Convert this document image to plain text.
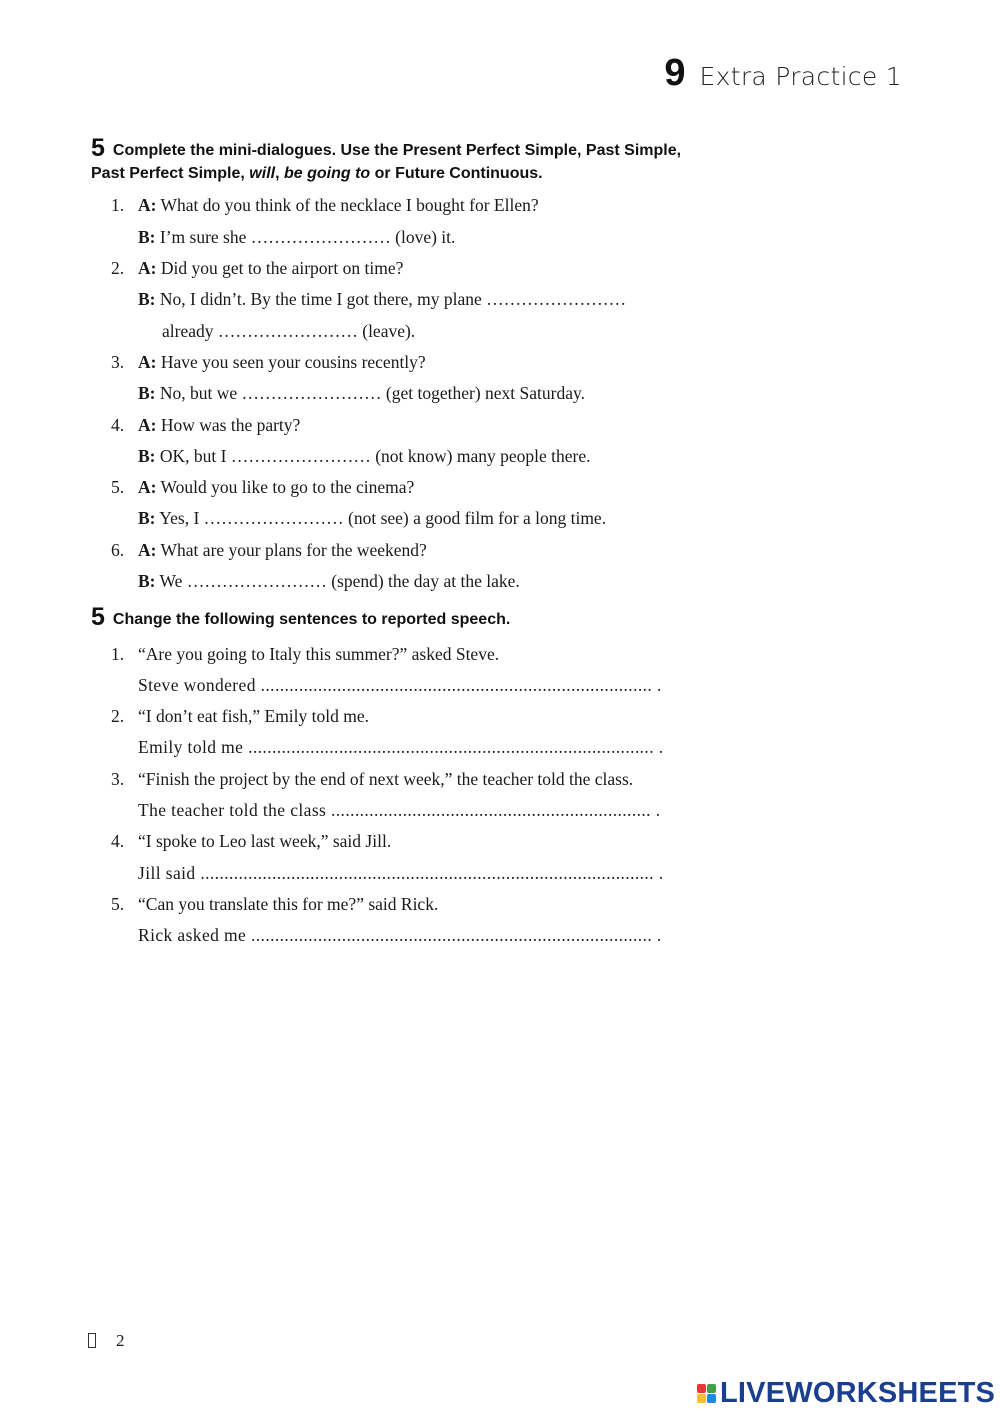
9 Extra Practice 1
5 Complete the mini-dialogues. Use the Present Perfect Simple, Past Simple,
Past Perfect Simple, will, be going to or Future Continuous.
1. A: What do you think of the necklace I bought for Ellen?
B: I’m sure she …………………… (love) it.
2. A: Did you get to the airport on time?
B: No, I didn’t. By the time I got there, my plane ……………………
already …………………… (leave).
3. A: Have you seen your cousins recently?
B: No, but we …………………… (get together) next Saturday.
4. A: How was the party?
B: OK, but I …………………… (not know) many people there.
5. A: Would you like to go to the cinema?
B: Yes, I …………………… (not see) a good film for a long time.
6. A: What are your plans for the weekend?
B: We …………………… (spend) the day at the lake.
5 Change the following sentences to reported speech.
1. “Are you going to Italy this summer?” asked Steve.
Steve wondered .................................................................................. .
2. “I don’t eat fish,” Emily told me.
Emily told me ..................................................................................... .
3. “Finish the project by the end of next week,” the teacher told the class.
The teacher told the class ................................................................... .
4. “I spoke to Leo last week,” said Jill.
Jill said ............................................................................................... .
5. “Can you translate this for me?” said Rick.
Rick asked me .................................................................................... .
2
LIVEWORKSHEETS
